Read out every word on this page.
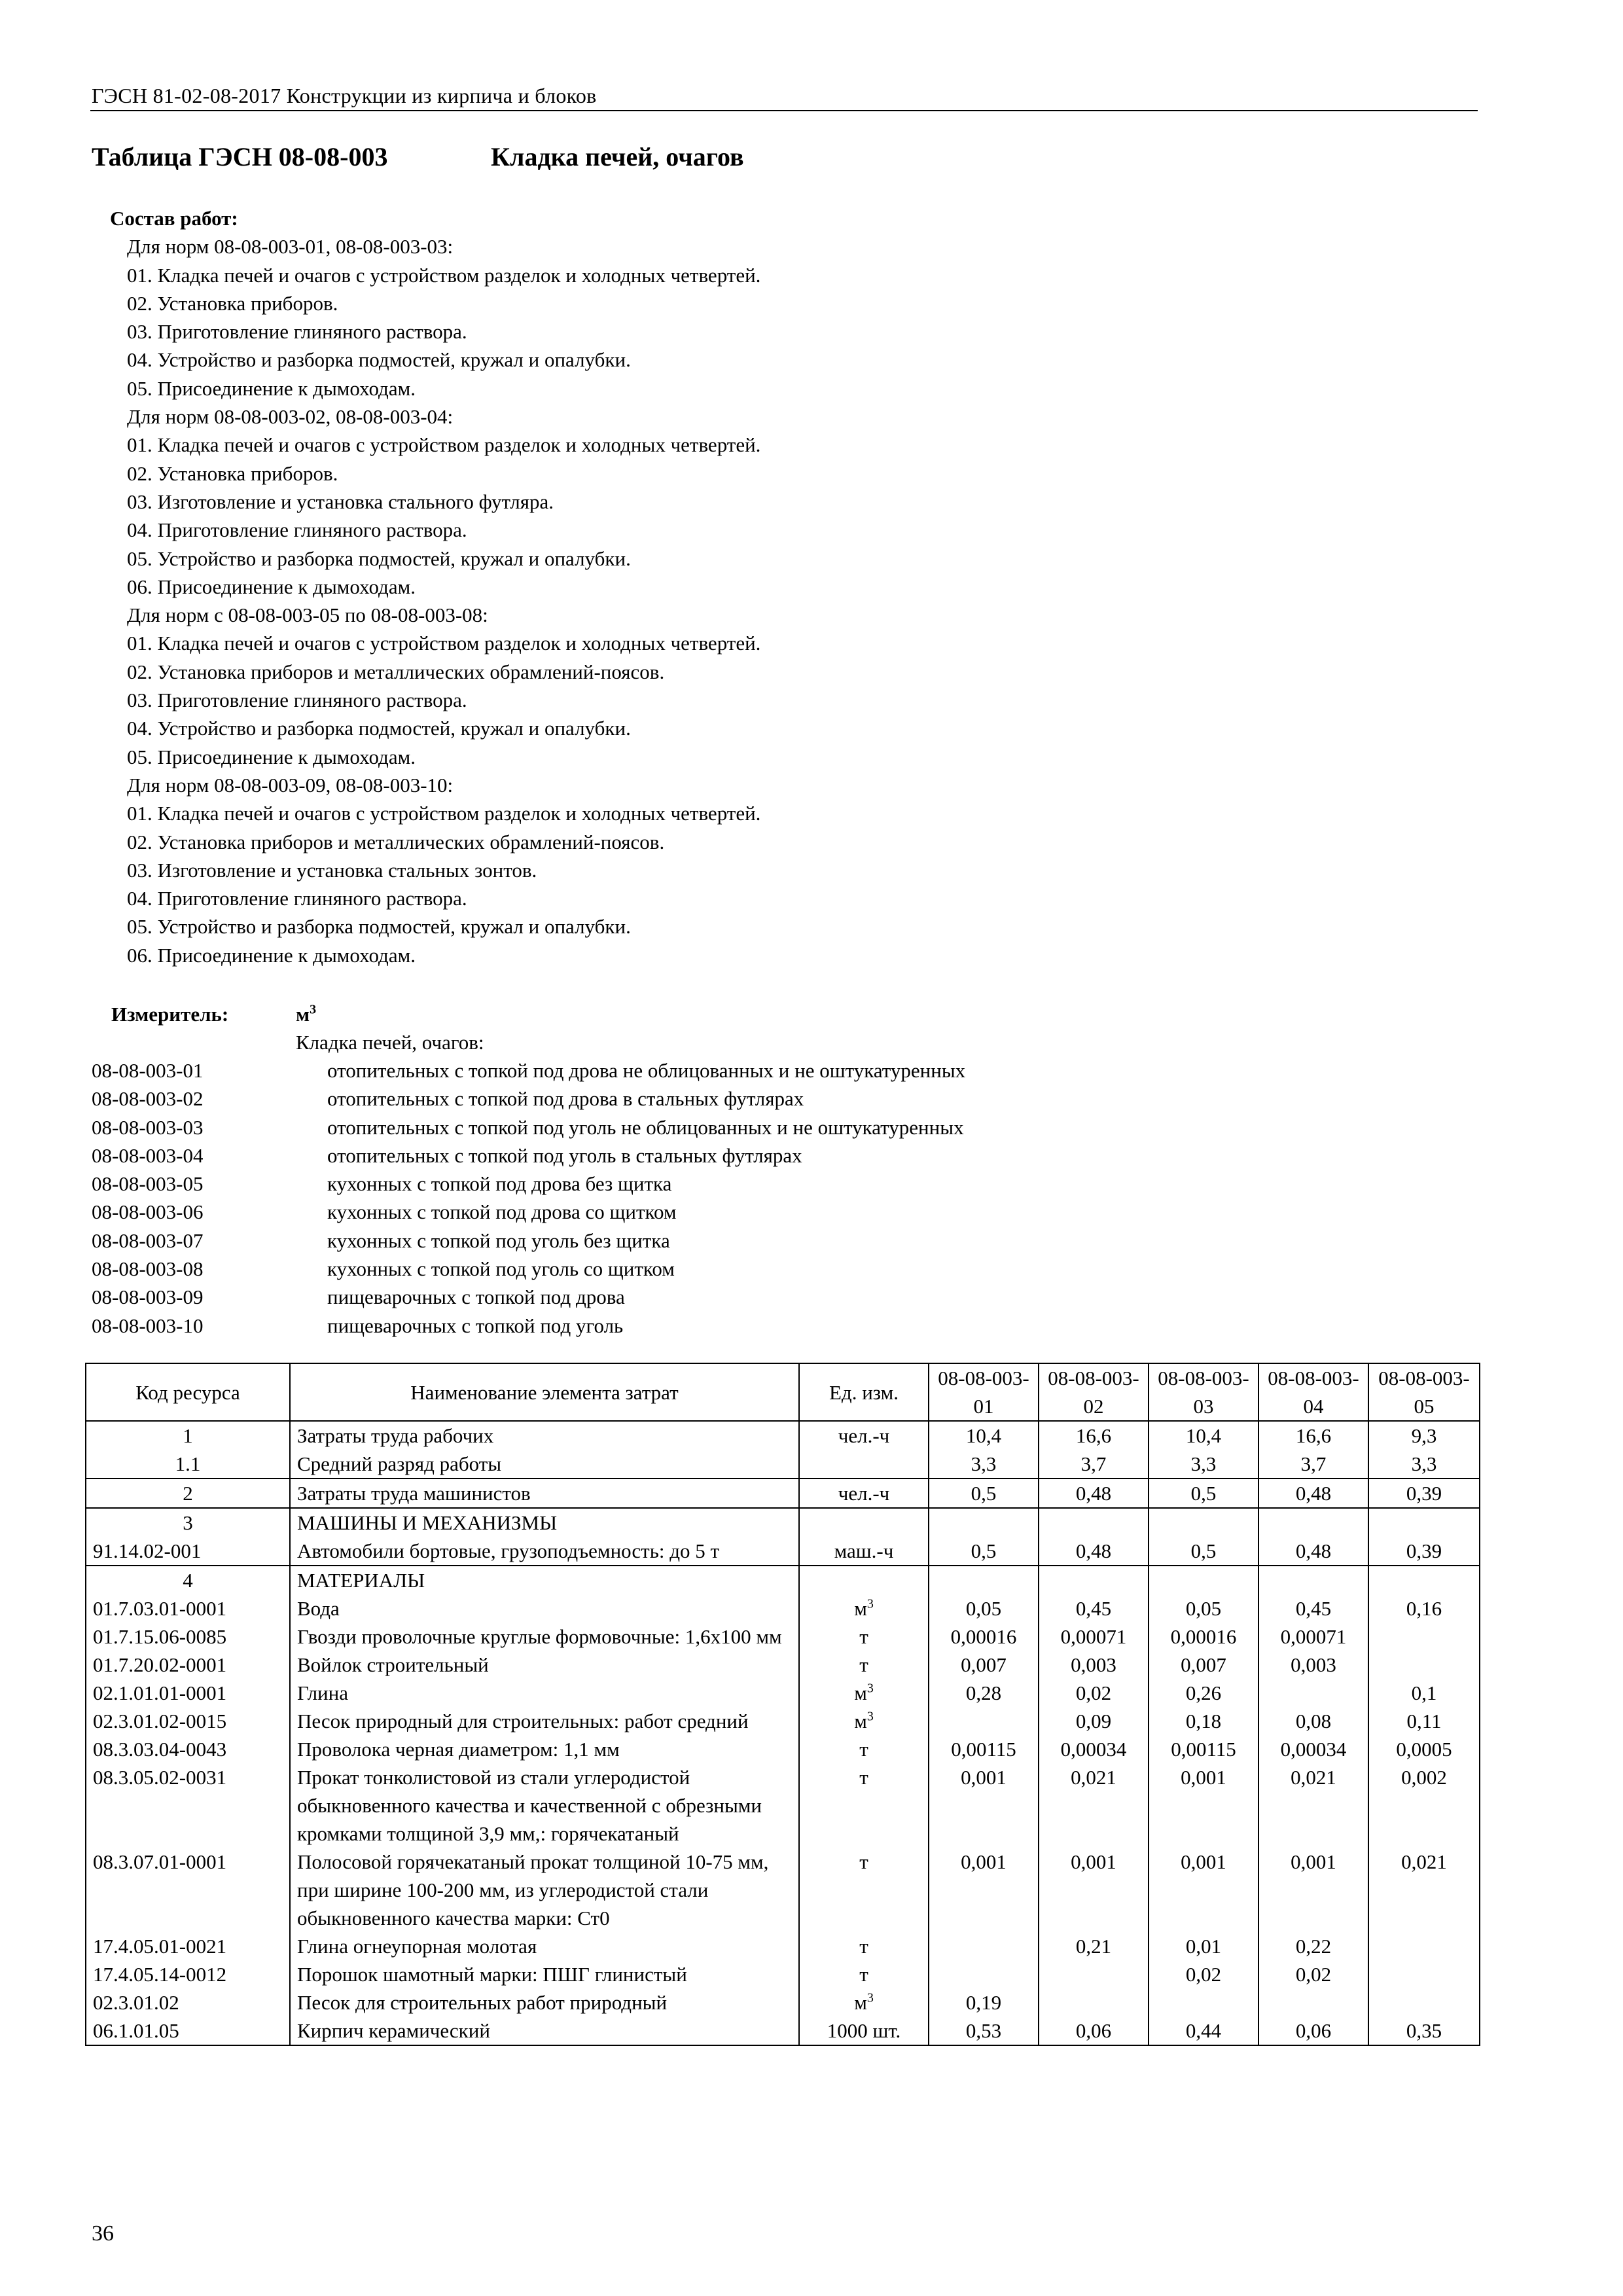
ГЭСН 81-02-08-2017 Конструкции из кирпича и блоков
Таблица ГЭСН 08-08-003	Кладка печей, очагов
Состав работ:
Для норм 08-08-003-01, 08-08-003-03:
01. Кладка печей и очагов с устройством разделок и холодных четвертей.
02. Установка приборов.
03. Приготовление глиняного раствора.
04. Устройство и разборка подмостей, кружал и опалубки.
05. Присоединение к дымоходам.
Для норм 08-08-003-02, 08-08-003-04:
01. Кладка печей и очагов с устройством разделок и холодных четвертей.
02. Установка приборов.
03. Изготовление и установка стального футляра.
04. Приготовление глиняного раствора.
05. Устройство и разборка подмостей, кружал и опалубки.
06. Присоединение к дымоходам.
Для норм с 08-08-003-05 по 08-08-003-08:
01. Кладка печей и очагов с устройством разделок и холодных четвертей.
02. Установка приборов и металлических обрамлений-поясов.
03. Приготовление глиняного раствора.
04. Устройство и разборка подмостей, кружал и опалубки.
05. Присоединение к дымоходам.
Для норм 08-08-003-09, 08-08-003-10:
01. Кладка печей и очагов с устройством разделок и холодных четвертей.
02. Установка приборов и металлических обрамлений-поясов.
03. Изготовление и установка стальных зонтов.
04. Приготовление глиняного раствора.
05. Устройство и разборка подмостей, кружал и опалубки.
06. Присоединение к дымоходам.
Измеритель:	$м^3$
Кладка печей, очагов:
08-08-003-01	отопительных с топкой под дрова не облицованных и не оштукатуренных
08-08-003-02	отопительных с топкой под дрова в стальных футлярах
08-08-003-03	отопительных с топкой под уголь не облицованных и не оштукатуренных
08-08-003-04	отопительных с топкой под уголь в стальных футлярах
08-08-003-05	кухонных с топкой под дрова без щитка
08-08-003-06	кухонных с топкой под дрова со щитком
08-08-003-07	кухонных с топкой под уголь без щитка
08-08-003-08	кухонных с топкой под уголь со щитком
08-08-003-09	пищеварочных с топкой под дрова
08-08-003-10	пищеварочных с топкой под уголь
Код ресурса	Наименование элемента затрат	Ед. изм.	08-08-003-01	08-08-003-02	08-08-003-03	08-08-003-04	08-08-003-05
1	Затраты труда рабочих	чел.-ч	10,4	16,6	10,4	16,6	9,3
1.1	Средний разряд работы		3,3	3,7	3,3	3,7	3,3
2	Затраты труда машинистов	чел.-ч	0,5	0,48	0,5	0,48	0,39
3	МАШИНЫ И МЕХАНИЗМЫ						
91.14.02-001	Автомобили бортовые, грузоподъемность: до 5 т	маш.-ч	0,5	0,48	0,5	0,48	0,39
4	МАТЕРИАЛЫ						
01.7.03.01-0001	Вода	$м^3$	0,05	0,45	0,05	0,45	0,16
01.7.15.06-0085	Гвозди проволочные круглые формовочные: 1,6х100 мм	т	0,00016	0,00071	0,00016	0,00071	
01.7.20.02-0001	Войлок строительный	т	0,007	0,003	0,007	0,003	
02.1.01.01-0001	Глина	$м^3$	0,28	0,02	0,26		0,1
02.3.01.02-0015	Песок природный для строительных: работ средний	$м^3$		0,09	0,18	0,08	0,11
08.3.03.04-0043	Проволока черная диаметром: 1,1 мм	т	0,00115	0,00034	0,00115	0,00034	0,0005
08.3.05.02-0031	Прокат тонколистовой из стали углеродистой обыкновенного качества и качественной с обрезными кромками толщиной 3,9 мм,: горячекатаный	т	0,001	0,021	0,001	0,021	0,002
08.3.07.01-0001	Полосовой горячекатаный прокат толщиной 10-75 мм, при ширине 100-200 мм, из углеродистой стали обыкновенного качества марки: Ст0	т	0,001	0,001	0,001	0,001	0,021
17.4.05.01-0021	Глина огнеупорная молотая	т		0,21	0,01	0,22	
17.4.05.14-0012	Порошок шамотный марки: ПШГ глинистый	т			0,02	0,02	
02.3.01.02	Песок для строительных работ природный	$м^3$	0,19				
06.1.01.05	Кирпич керамический	1000 шт.	0,53	0,06	0,44	0,06	0,35
36
